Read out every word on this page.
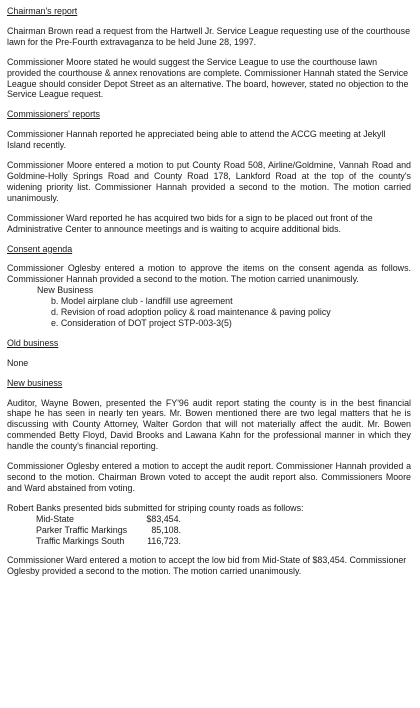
Chairman's report

Chairman Brown read a request from the Hartwell Jr. Service League requesting use of the courthouse lawn for the Pre-Fourth extravaganza to be held June 28, 1997.

Commissioner Moore stated he would suggest the Service League to use the courthouse lawn provided the courthouse & annex renovations are complete. Commissioner Hannah stated the Service League should consider Depot Street as an alternative. The board, however, stated no objection to the Service League request.

Commissioners' reports

Commissioner Hannah reported he appreciated being able to attend the ACCG meeting at Jekyll Island recently.

Commissioner Moore entered a motion to put County Road 508, Airline/Goldmine, Vannah Road and Goldmine-Holly Springs Road and County Road 178, Lankford Road at the top of the county's widening priority list. Commissioner Hannah provided a second to the motion. The motion carried unanimously.

Commissioner Ward reported he has acquired two bids for a sign to be placed out front of the Administrative Center to announce meetings and is waiting to acquire additional bids.

Consent agenda

Commissioner Oglesby entered a motion to approve the items on the consent agenda as follows. Commissioner Hannah provided a second to the motion. The motion carried unanimously.

New Business
b. Model airplane club - landfill use agreement
d. Revision of road adoption policy & road maintenance & paving policy
e. Consideration of DOT project STP-003-3(5)
Old business

None

New business

Auditor, Wayne Bowen, presented the FY'96 audit report stating the county is in the best financial shape he has seen in nearly ten years. Mr. Bowen mentioned there are two legal matters that he is discussing with County Attorney, Walter Gordon that will not materially affect the audit. Mr. Bowen commended Betty Floyd, David Brooks and Lawana Kahn for the professional manner in which they handle the county's financial reporting.

Commissioner Oglesby entered a motion to accept the audit report. Commissioner Hannah provided a second to the motion. Chairman Brown voted to accept the audit report also. Commissioners Moore and Ward abstained from voting.

Robert Banks presented bids submitted for striping county roads as follows:
Mid-State	$83,454.
Parker Traffic Markings	85,108.
Traffic Markings South	116,723.

Commissioner Ward entered a motion to accept the low bid from Mid-State of $83,454. Commissioner Oglesby provided a second to the motion. The motion carried unanimously.
